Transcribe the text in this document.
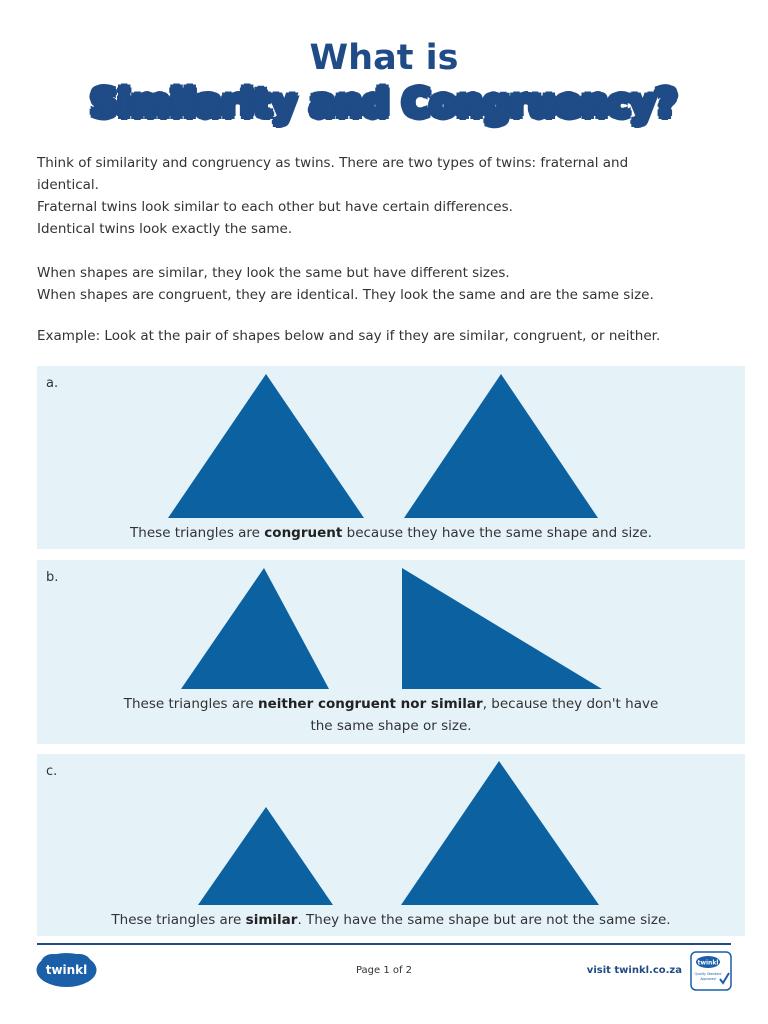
What is
Similarity and Congruency?

Think of similarity and congruency as twins. There are two types of twins: fraternal and

identical.

Fraternal twins look similar to each other but have certain differences.

Identical twins look exactly the same.

When shapes are similar, they look the same but have different sizes.

When shapes are congruent, they are identical. They look the same and are the same size.

Example: Look at the pair of shapes below and say if they are similar, congruent, or neither.

a.
These triangles are congruent because they have the same shape and size.
b.
These triangles are neither congruent nor similar, because they don't have
the same shape or size.
c.
These triangles are similar. They have the same shape but are not the same size.
twinkl	Page 1 of 2	visit twinkl.co.za
twinkl
Quality Standard
Approved
